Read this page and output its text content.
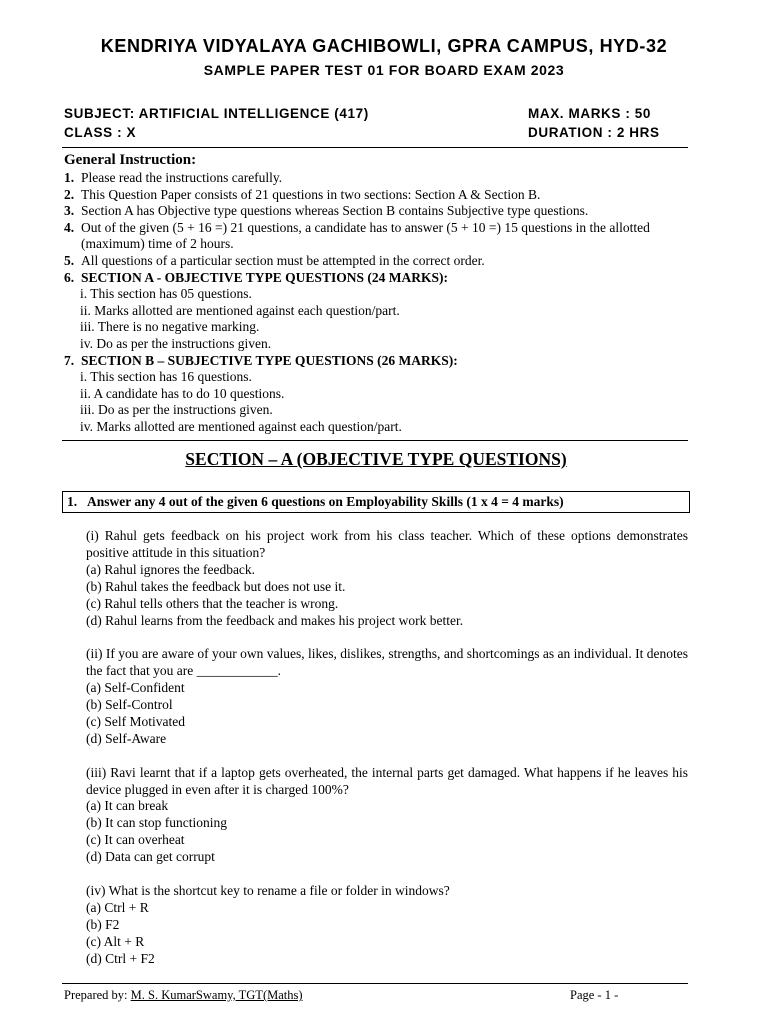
KENDRIYA VIDYALAYA GACHIBOWLI, GPRA CAMPUS, HYD-32
SAMPLE PAPER TEST 01 FOR BOARD EXAM 2023
SUBJECT: ARTIFICIAL INTELLIGENCE (417)
CLASS : X
MAX. MARKS : 50
DURATION : 2 HRS
General Instruction:
1. Please read the instructions carefully.
2. This Question Paper consists of 21 questions in two sections: Section A & Section B.
3. Section A has Objective type questions whereas Section B contains Subjective type questions.
4. Out of the given (5 + 16 =) 21 questions, a candidate has to answer (5 + 10 =) 15 questions in the allotted (maximum) time of 2 hours.
5. All questions of a particular section must be attempted in the correct order.
6. SECTION A - OBJECTIVE TYPE QUESTIONS (24 MARKS):
i. This section has 05 questions.
ii. Marks allotted are mentioned against each question/part.
iii. There is no negative marking.
iv. Do as per the instructions given.
7. SECTION B – SUBJECTIVE TYPE QUESTIONS (26 MARKS):
i. This section has 16 questions.
ii. A candidate has to do 10 questions.
iii. Do as per the instructions given.
iv. Marks allotted are mentioned against each question/part.
SECTION – A (OBJECTIVE TYPE QUESTIONS)
1. Answer any 4 out of the given 6 questions on Employability Skills (1 x 4 = 4 marks)
(i) Rahul gets feedback on his project work from his class teacher. Which of these options demonstrates positive attitude in this situation?
(a) Rahul ignores the feedback.
(b) Rahul takes the feedback but does not use it.
(c) Rahul tells others that the teacher is wrong.
(d) Rahul learns from the feedback and makes his project work better.
(ii) If you are aware of your own values, likes, dislikes, strengths, and shortcomings as an individual. It denotes the fact that you are ____________.
(a) Self-Confident
(b) Self-Control
(c) Self Motivated
(d) Self-Aware
(iii) Ravi learnt that if a laptop gets overheated, the internal parts get damaged. What happens if he leaves his device plugged in even after it is charged 100%?
(a) It can break
(b) It can stop functioning
(c) It can overheat
(d) Data can get corrupt
(iv) What is the shortcut key to rename a file or folder in windows?
(a) Ctrl + R
(b) F2
(c) Alt + R
(d) Ctrl + F2
Prepared by: M. S. KumarSwamy, TGT(Maths)	Page - 1 -
